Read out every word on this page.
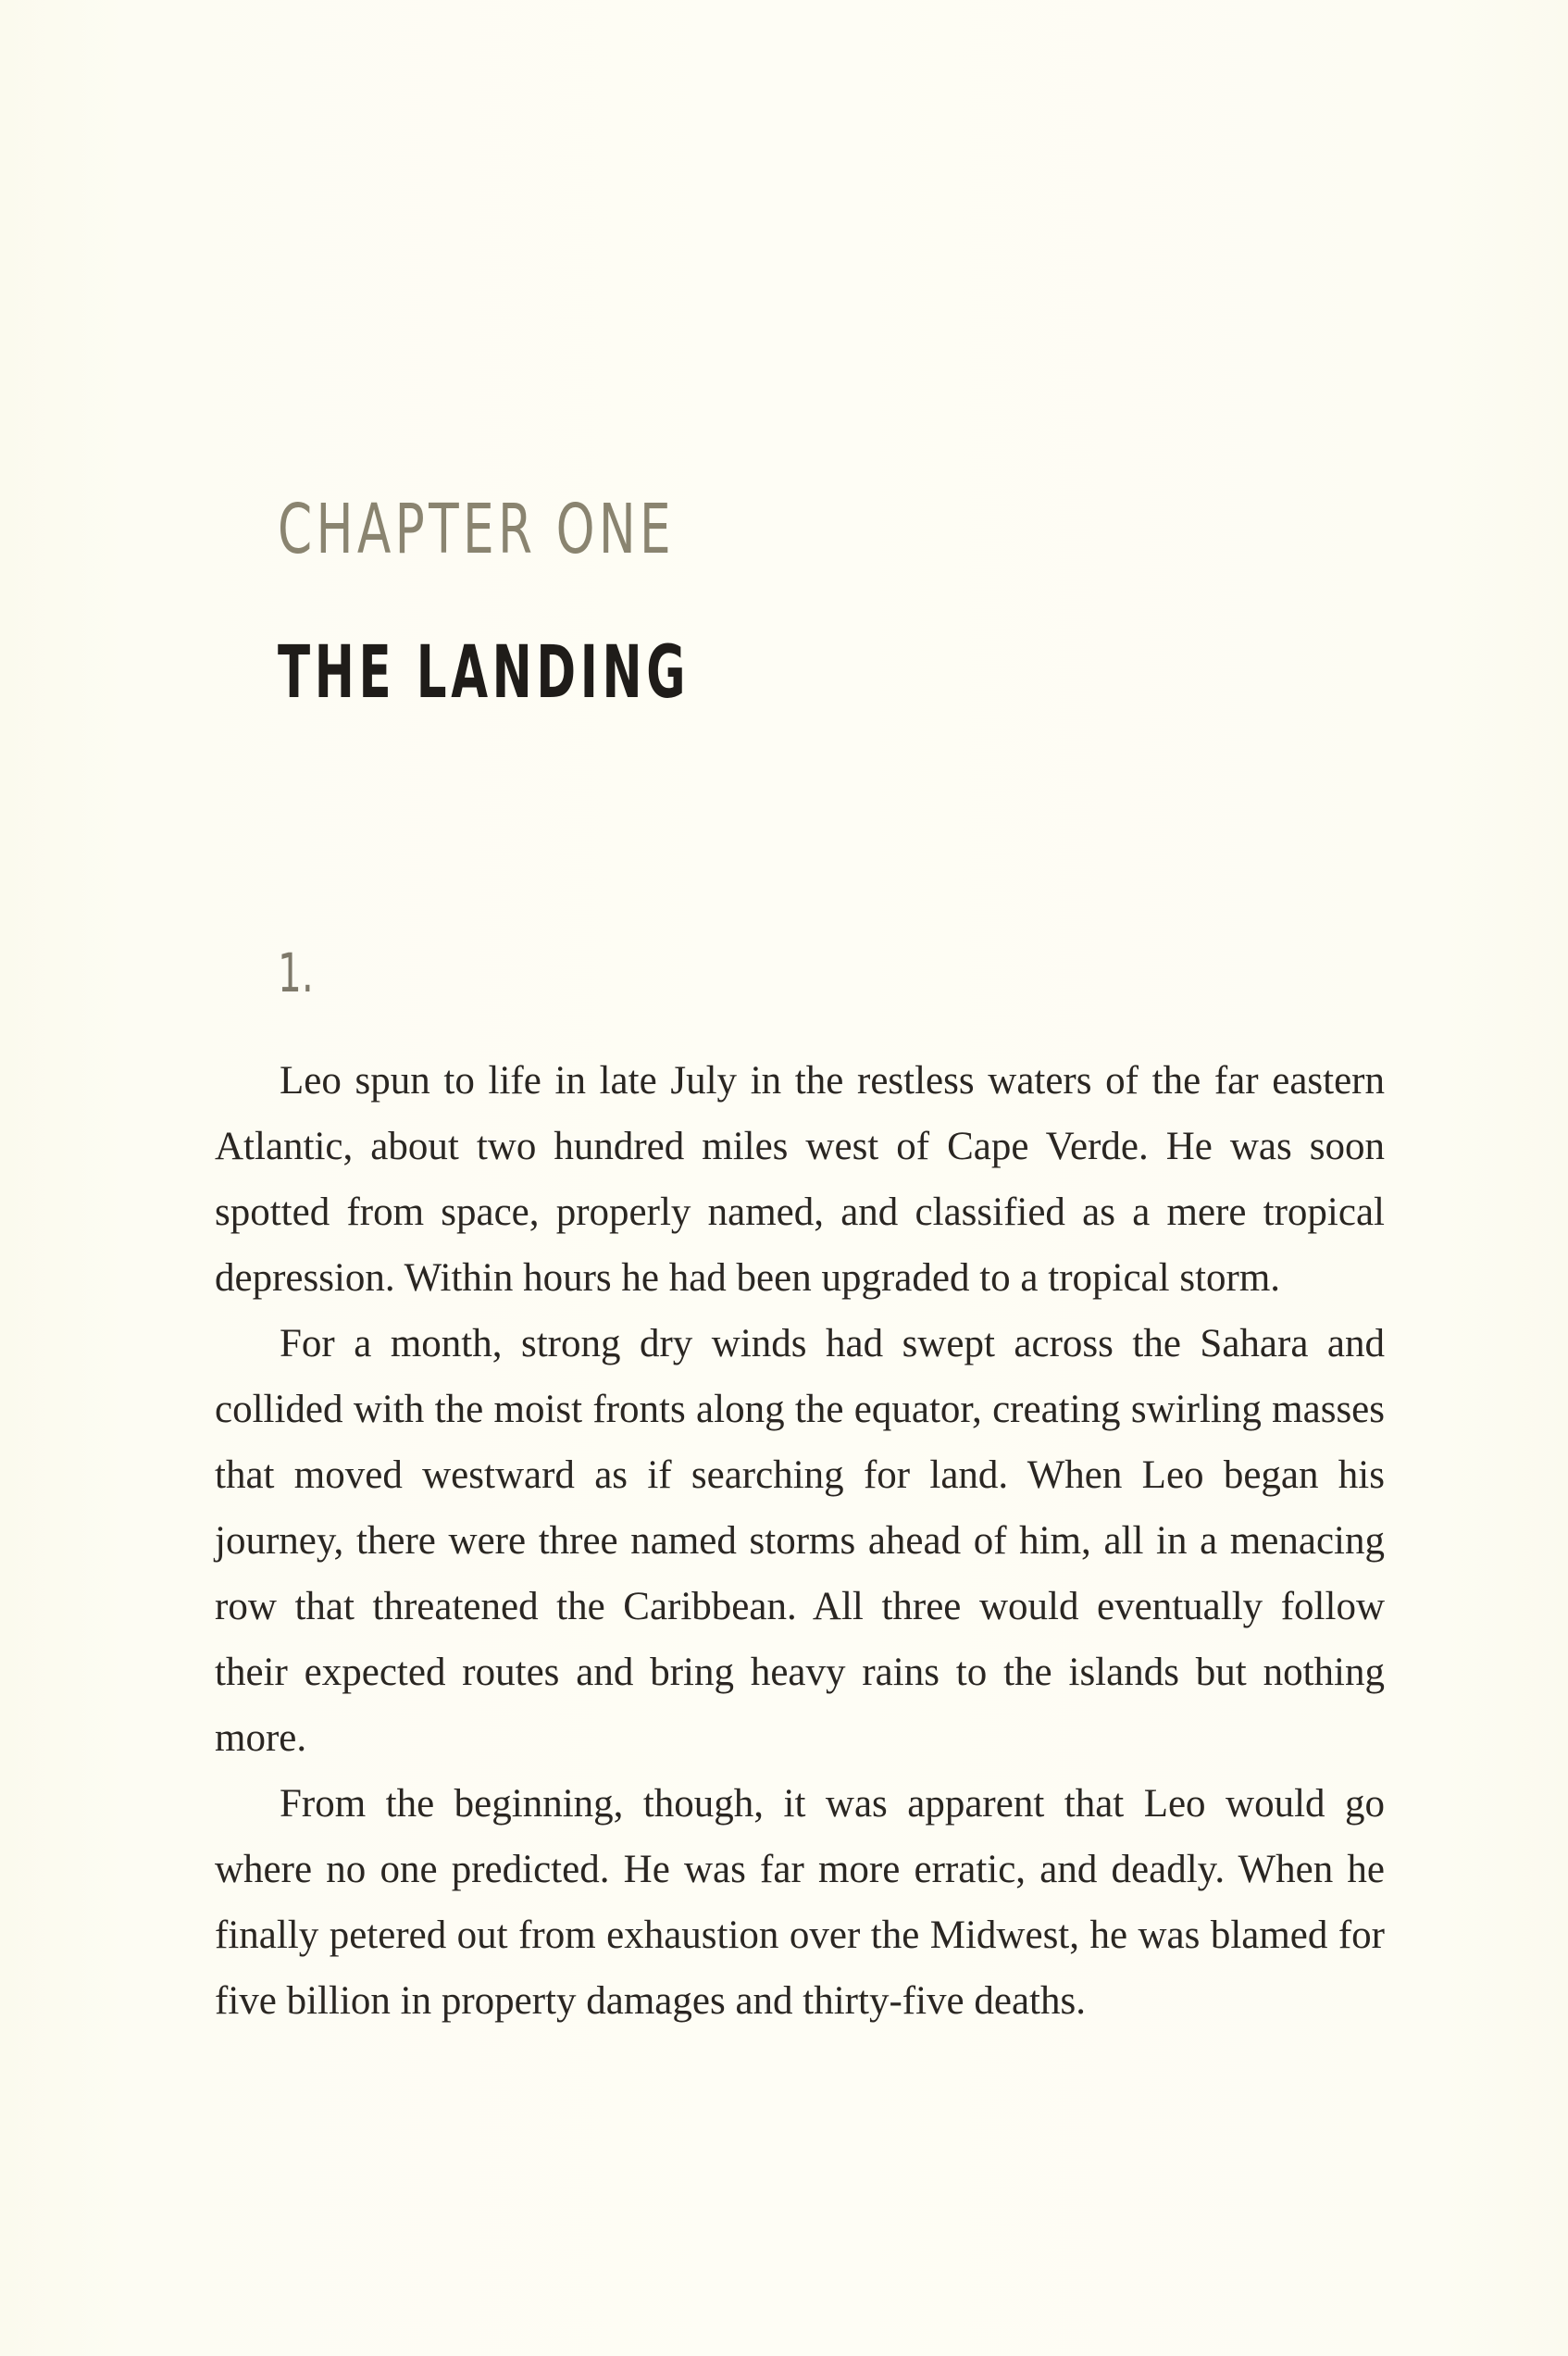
CHAPTER ONE
THE LANDING
1.

Leo spun to life in late July in the restless waters of the far eastern Atlantic, about two hundred miles west of Cape Verde. He was soon spotted from space, properly named, and classified as a mere tropical depression. Within hours he had been upgraded to a tropical storm.

For a month, strong dry winds had swept across the Sahara and collided with the moist fronts along the equator, creating swirling masses that moved westward as if searching for land. When Leo began his journey, there were three named storms ahead of him, all in a menacing row that threatened the Caribbean. All three would eventually follow their expected routes and bring heavy rains to the islands but nothing more.

From the beginning, though, it was apparent that Leo would go where no one predicted. He was far more erratic, and deadly. When he finally petered out from exhaustion over the Midwest, he was blamed for five billion in property damages and thirty-five deaths.
